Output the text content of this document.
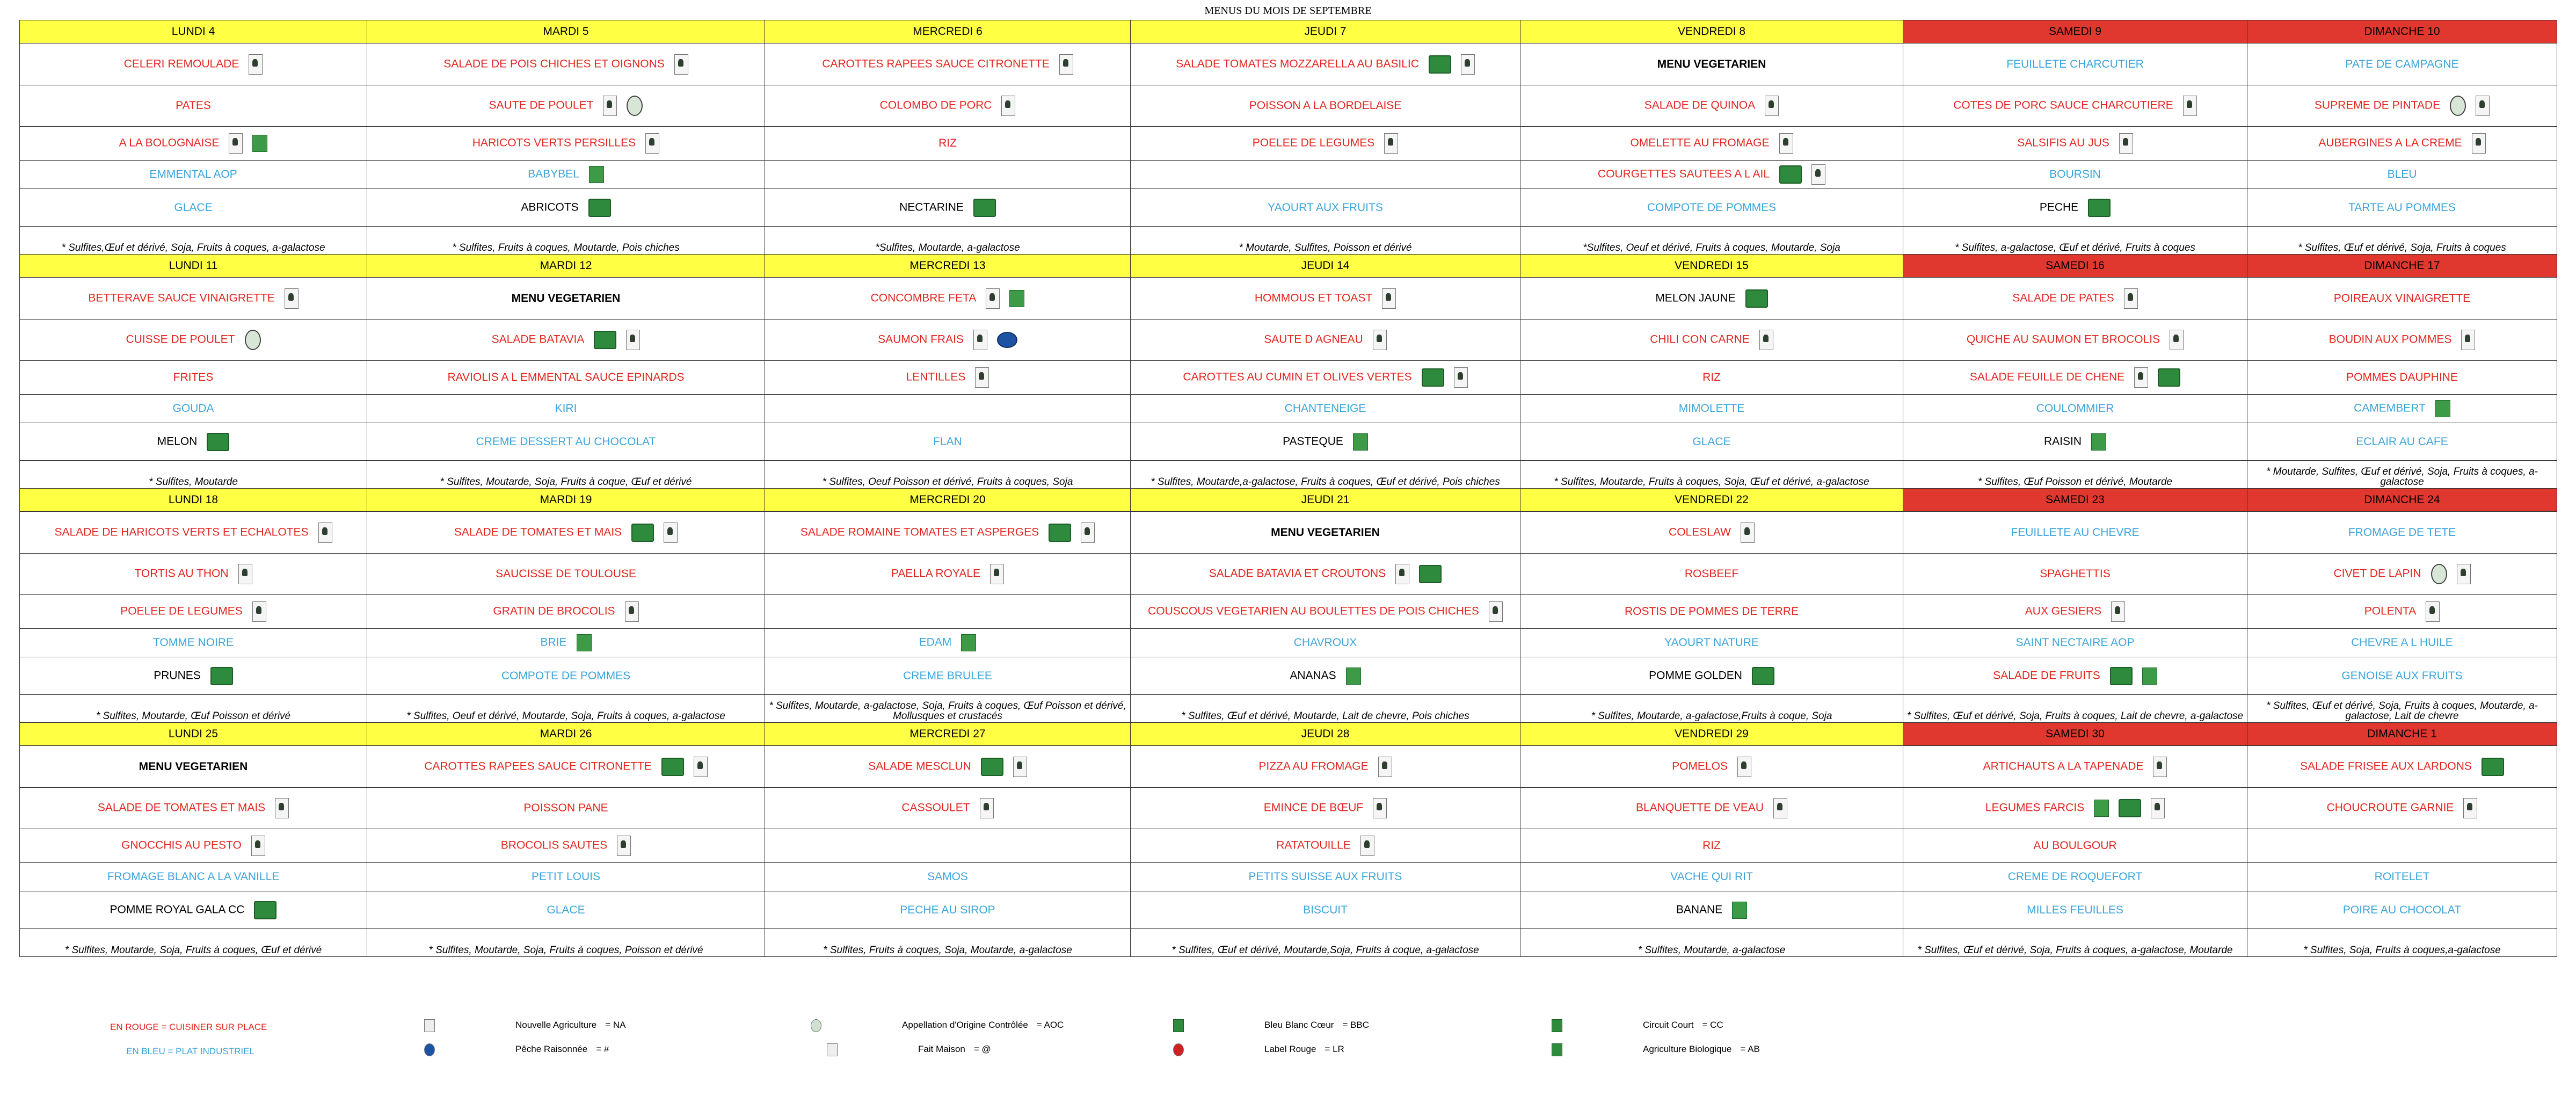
MENUS DU MOIS DE SEPTEMBRE
LUNDI 4	MARDI 5	MERCREDI 6	JEUDI 7	VENDREDI 8	SAMEDI 9	DIMANCHE 10
CELERI REMOULADE	SALADE DE POIS CHICHES ET OIGNONS	CAROTTES RAPEES SAUCE CITRONETTE	SALADE TOMATES MOZZARELLA AU BASILIC	MENU VEGETARIEN	FEUILLETE CHARCUTIER	PATE DE CAMPAGNE
PATES	SAUTE DE POULET	COLOMBO DE PORC	POISSON A LA BORDELAISE	SALADE DE QUINOA	COTES DE PORC SAUCE CHARCUTIERE	SUPREME DE PINTADE
A LA BOLOGNAISE	HARICOTS VERTS PERSILLES	RIZ	POELEE DE LEGUMES	OMELETTE AU FROMAGE	SALSIFIS AU JUS	AUBERGINES A LA CREME
EMMENTAL AOP	BABYBEL			COURGETTES SAUTEES A L AIL	BOURSIN	BLEU
GLACE	ABRICOTS	NECTARINE	YAOURT AUX FRUITS	COMPOTE DE POMMES	PECHE	TARTE AU POMMES
* Sulfites,Œuf et dérivé, Soja, Fruits à coques, a-galactose	* Sulfites, Fruits à coques, Moutarde, Pois chiches	*Sulfites, Moutarde, a-galactose	* Moutarde, Sulfites, Poisson et dérivé	*Sulfites, Oeuf et dérivé, Fruits à coques, Moutarde, Soja	* Sulfites, a-galactose, Œuf et dérivé, Fruits à coques	* Sulfites, Œuf et dérivé, Soja, Fruits à coques
LUNDI 11	MARDI 12	MERCREDI 13	JEUDI 14	VENDREDI 15	SAMEDI 16	DIMANCHE 17
BETTERAVE SAUCE VINAIGRETTE	MENU VEGETARIEN	CONCOMBRE FETA	HOMMOUS ET TOAST	MELON JAUNE	SALADE DE PATES	POIREAUX VINAIGRETTE
CUISSE DE POULET	SALADE BATAVIA	SAUMON FRAIS	SAUTE D AGNEAU	CHILI CON CARNE	QUICHE AU SAUMON ET BROCOLIS	BOUDIN AUX POMMES
FRITES	RAVIOLIS A L EMMENTAL SAUCE EPINARDS	LENTILLES	CAROTTES AU CUMIN ET OLIVES VERTES	RIZ	SALADE FEUILLE DE CHENE	POMMES DAUPHINE
GOUDA	KIRI		CHANTENEIGE	MIMOLETTE	COULOMMIER	CAMEMBERT
MELON	CREME DESSERT AU CHOCOLAT	FLAN	PASTEQUE	GLACE	RAISIN	ECLAIR AU CAFE
* Sulfites, Moutarde	* Sulfites, Moutarde, Soja, Fruits à coque, Œuf et dérivé	* Sulfites, Oeuf Poisson et dérivé, Fruits à coques, Soja	* Sulfites, Moutarde,a-galactose, Fruits à coques, Œuf et dérivé, Pois chiches	* Sulfites, Moutarde, Fruits à coques, Soja, Œuf et dérivé, a-galactose	* Sulfites, Œuf Poisson et dérivé, Moutarde	* Moutarde, Sulfites, Œuf et dérivé, Soja, Fruits à coques, a-galactose
LUNDI 18	MARDI 19	MERCREDI 20	JEUDI 21	VENDREDI 22	SAMEDI 23	DIMANCHE 24
SALADE DE HARICOTS VERTS ET ECHALOTES	SALADE DE TOMATES ET MAIS	SALADE ROMAINE TOMATES ET ASPERGES	MENU VEGETARIEN	COLESLAW	FEUILLETE AU CHEVRE	FROMAGE DE TETE
TORTIS AU THON	SAUCISSE DE TOULOUSE	PAELLA ROYALE	SALADE BATAVIA ET CROUTONS	ROSBEEF	SPAGHETTIS	CIVET DE LAPIN
POELEE DE LEGUMES	GRATIN DE BROCOLIS		COUSCOUS VEGETARIEN AU BOULETTES DE POIS CHICHES	ROSTIS DE POMMES DE TERRE	AUX GESIERS	POLENTA
TOMME NOIRE	BRIE	EDAM	CHAVROUX	YAOURT NATURE	SAINT NECTAIRE AOP	CHEVRE A L HUILE
PRUNES	COMPOTE DE POMMES	CREME BRULEE	ANANAS	POMME GOLDEN	SALADE DE FRUITS	GENOISE AUX FRUITS
* Sulfites, Moutarde, Œuf Poisson et dérivé	* Sulfites, Oeuf et dérivé, Moutarde, Soja, Fruits à coques, a-galactose	* Sulfites, Moutarde, a-galactose, Soja, Fruits à coques, Œuf Poisson et dérivé, Mollusques et crustacés	* Sulfites, Œuf et dérivé, Moutarde, Lait de chevre, Pois chiches	* Sulfites, Moutarde, a-galactose,Fruits à coque, Soja	* Sulfites, Œuf et dérivé, Soja, Fruits à coques, Lait de chevre, a-galactose	* Sulfites, Œuf et dérivé, Soja, Fruits à coques, Moutarde, a-galactose, Lait de chevre
LUNDI 25	MARDI 26	MERCREDI 27	JEUDI 28	VENDREDI 29	SAMEDI 30	DIMANCHE 1
MENU VEGETARIEN	CAROTTES RAPEES SAUCE CITRONETTE	SALADE MESCLUN	PIZZA AU FROMAGE	POMELOS	ARTICHAUTS A LA TAPENADE	SALADE FRISEE AUX LARDONS
SALADE DE TOMATES ET MAIS	POISSON PANE	CASSOULET	EMINCE DE BŒUF	BLANQUETTE DE VEAU	LEGUMES FARCIS	CHOUCROUTE GARNIE
GNOCCHIS AU PESTO	BROCOLIS SAUTES		RATATOUILLE	RIZ	AU BOULGOUR	
FROMAGE BLANC A LA VANILLE	PETIT LOUIS	SAMOS	PETITS SUISSE AUX FRUITS	VACHE QUI RIT	CREME DE ROQUEFORT	ROITELET
POMME ROYAL GALA CC	GLACE	PECHE AU SIROP	BISCUIT	BANANE	MILLES FEUILLES	POIRE AU CHOCOLAT
* Sulfites, Moutarde, Soja, Fruits à coques, Œuf et dérivé	* Sulfites, Moutarde, Soja, Fruits à coques, Poisson et dérivé	* Sulfites, Fruits à coques, Soja, Moutarde, a-galactose	* Sulfites, Œuf et dérivé, Moutarde,Soja, Fruits à coque, a-galactose	* Sulfites, Moutarde, a-galactose	* Sulfites, Œuf et dérivé, Soja, Fruits à coques, a-galactose, Moutarde	* Sulfites, Soja, Fruits à coques,a-galactose
EN ROUGE = CUISINER SUR PLACE
EN BLEU = PLAT INDUSTRIEL
Nouvelle Agriculture = NA
Pêche Raisonnée = #
Appellation d'Origine Contrôlée = AOC
Fait Maison = @
Bleu Blanc Cœur = BBC
Label Rouge = LR
Circuit Court = CC
Agriculture Biologique = AB
